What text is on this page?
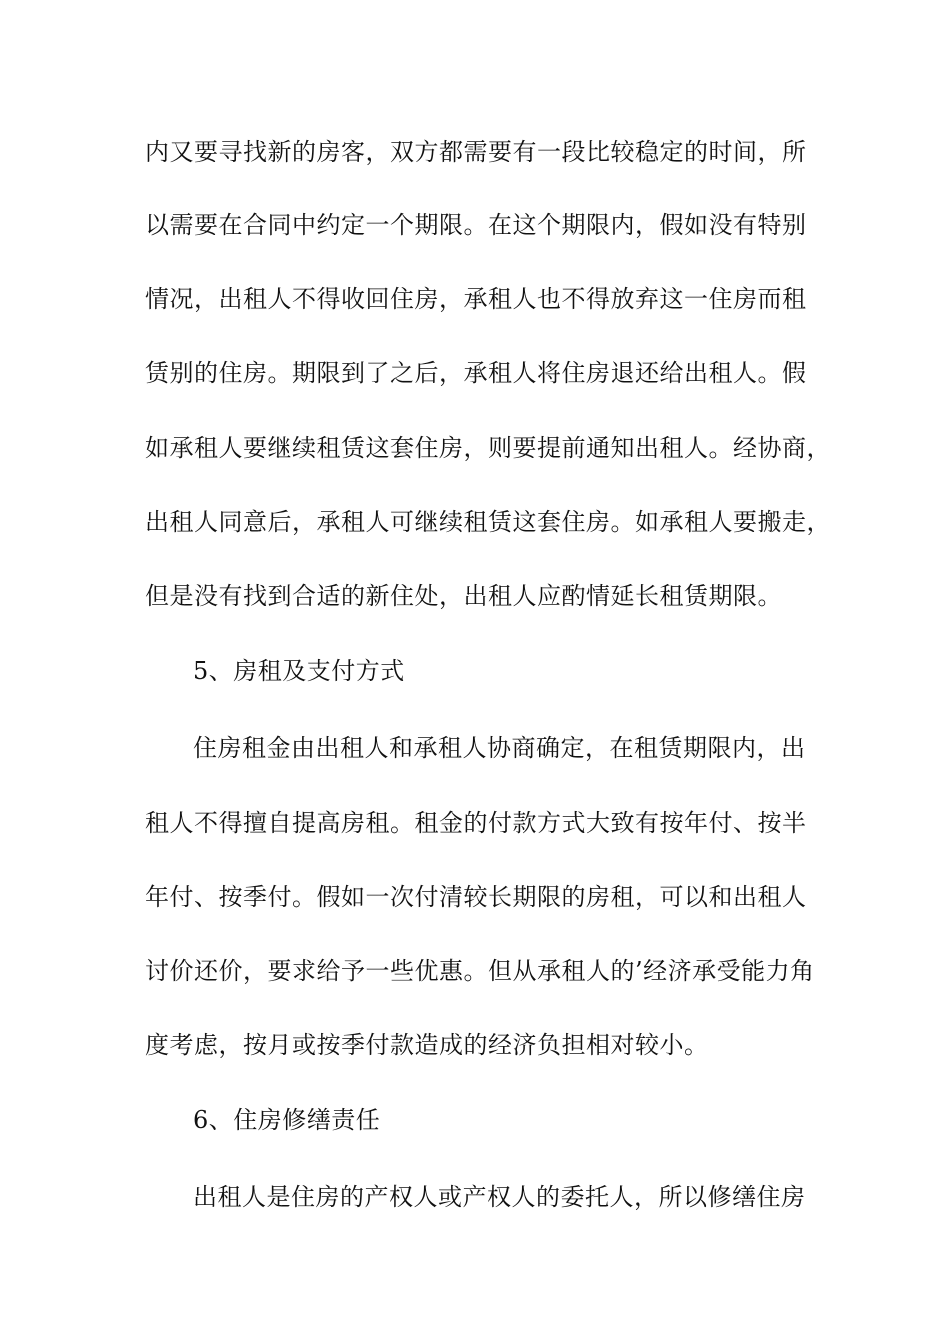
内又要寻找新的房客，双方都需要有一段比较稳定的时间，所
以需要在合同中约定一个期限。在这个期限内，假如没有特别
情况，出租人不得收回住房，承租人也不得放弃这一住房而租
赁别的住房。期限到了之后，承租人将住房退还给出租人。假
如承租人要继续租赁这套住房，则要提前通知出租人。经协商，
出租人同意后，承租人可继续租赁这套住房。如承租人要搬走，
但是没有找到合适的新住处，出租人应酌情延长租赁期限。
5、房租及支付方式
住房租金由出租人和承租人协商确定，在租赁期限内，出
租人不得擅自提高房租。租金的付款方式大致有按年付、按半
年付、按季付。假如一次付清较长期限的房租，可以和出租人
讨价还价，要求给予一些优惠。但从承租人的’经济承受能力角
度考虑，按月或按季付款造成的经济负担相对较小。
6、住房修缮责任
出租人是住房的产权人或产权人的委托人，所以修缮住房
